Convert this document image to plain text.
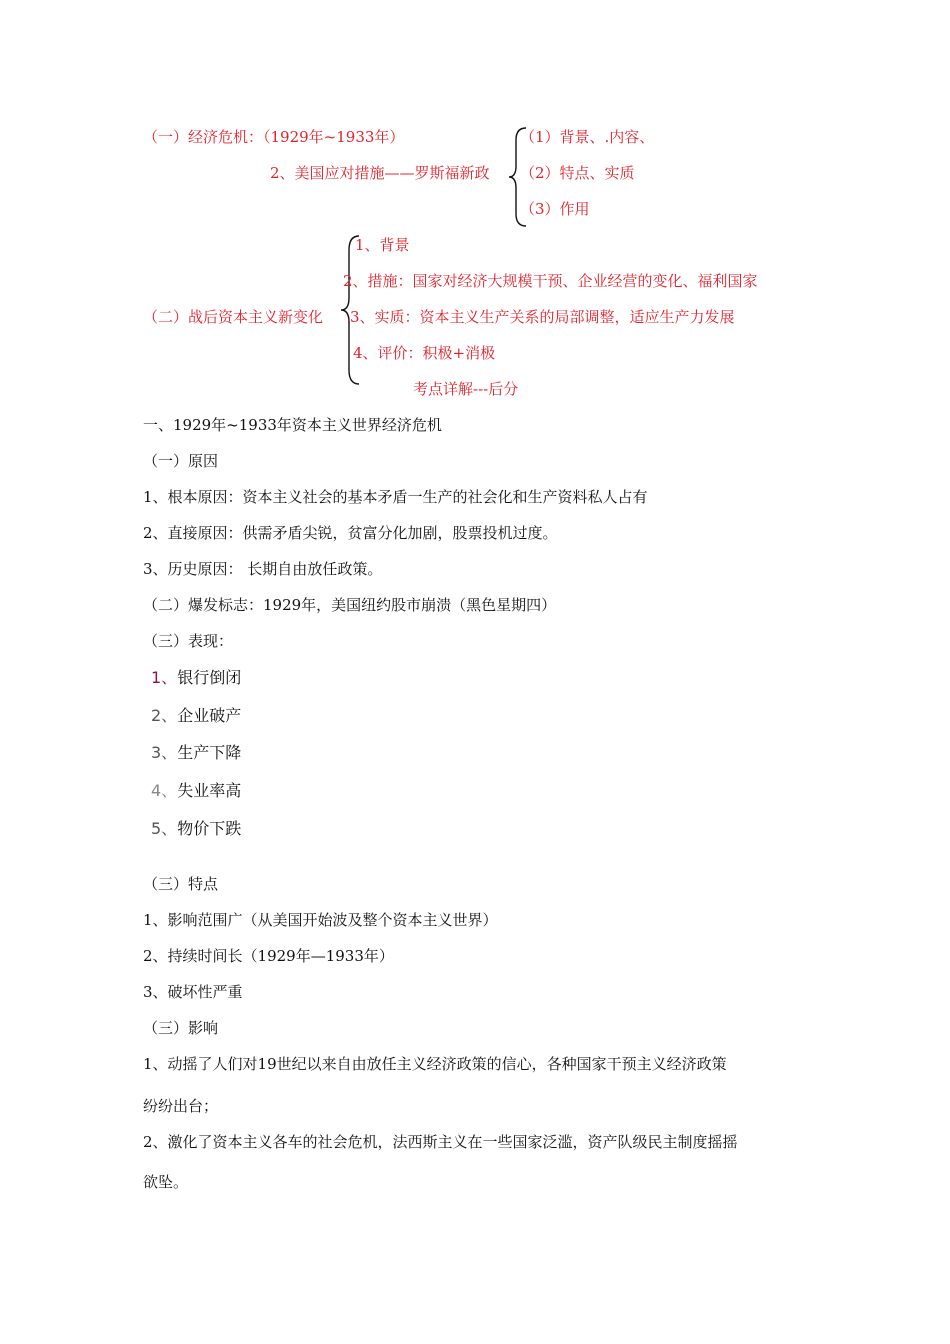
（一）经济危机：（1929年~1933年）
2、美国应对措施——罗斯福新政
（1）背景、.内容、
（2）特点、实质
（3）作用
（二）战后资本主义新变化
1、背景
2、措施：国家对经济大规模干预、企业经营的变化、福利国家
3、实质：资本主义生产关系的局部调整，适应生产力发展
4、评价：积极+消极
考点详解---后分
一、1929年~1933年资本主义世界经济危机
（一）原因
1、根本原因：资本主义社会的基本矛盾一生产的社会化和生产资料私人占有
2、直接原因：供需矛盾尖锐，贫富分化加剧，股票投机过度。
3、历史原因： 长期自由放任政策。
（二）爆发标志：1929年，美国纽约股市崩溃（黑色星期四）
（三）表现：
1、银行倒闭
2、企业破产
3、生产下降
4、失业率高
5、物价下跌
（三）特点
1、影响范围广（从美国开始波及整个资本主义世界）
2、持续时间长（1929年—1933年）
3、破坏性严重
（三）影响
1、动摇了人们对19世纪以来自由放任主义经济政策的信心，各种国家干预主义经济政策
纷纷出台；
2、激化了资本主义各车的社会危机，法西斯主义在一些国家泛滥，资产队级民主制度摇摇
欲坠。
